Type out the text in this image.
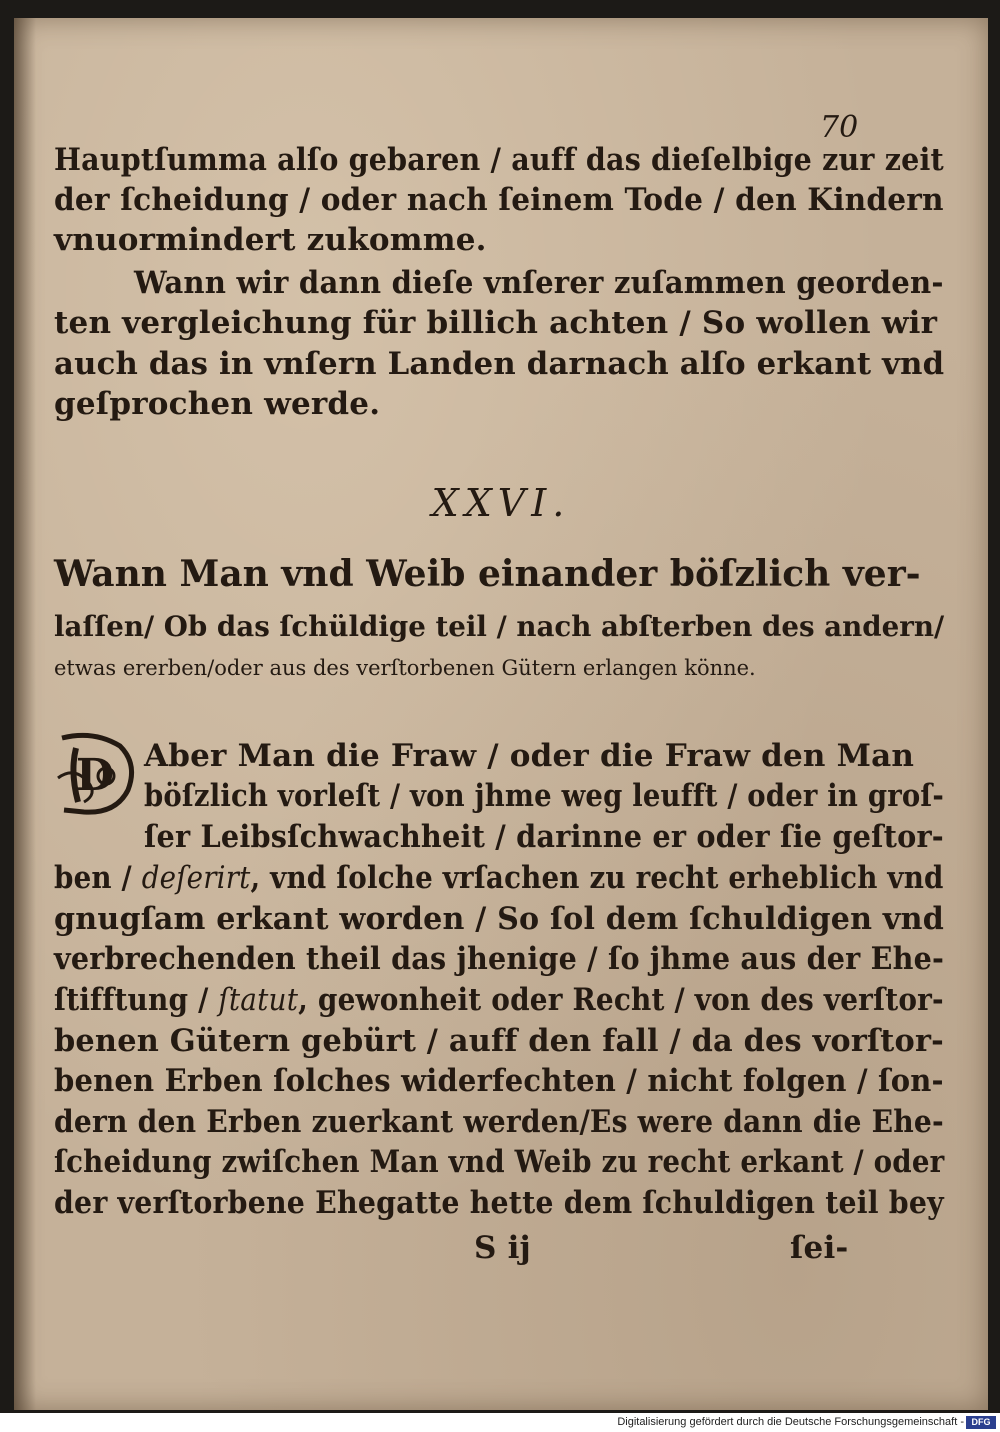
70
Hauptſumma alſo gebaren / auff das dieſelbige zur zeit
der ſcheidung / oder nach ſeinem Tode / den Kindern
vnuormindert zukomme.
Wann wir dann dieſe vnſerer zuſammen georden-
ten vergleichung für billich achten / So wollen wir
auch das in vnſern Landen darnach alſo erkant vnd
geſprochen werde.
XXVI.
Wann Man vnd Weib einander böſzlich ver-
laſſen/ Ob das ſchüldige teil / nach abſterben des andern/
etwas ererben/oder aus des verſtorbenen Gütern erlangen könne.
D Aber Man die Fraw / oder die Fraw den Man
böſzlich vorleſt / von jhme weg leufft / oder in groſ-
ſer Leibsſchwachheit / darinne er oder ſie geſtor-
ben / deſerirt, vnd ſolche vrſachen zu recht erheblich vnd
gnugſam erkant worden / So ſol dem ſchuldigen vnd
verbrechenden theil das jhenige / ſo jhme aus der Ehe-
ſtifftung / ſtatut, gewonheit oder Recht / von des verſtor-
benen Gütern gebürt / auff den fall / da des vorſtor-
benen Erben ſolches widerfechten / nicht folgen / ſon-
dern den Erben zuerkant werden/Es were dann die Ehe-
ſcheidung zwiſchen Man vnd Weib zu recht erkant / oder
der verſtorbene Ehegatte hette dem ſchuldigen teil bey
S ij	ſei-
Digitalisierung gefördert durch die Deutsche Forschungsgemeinschaft - DFG
